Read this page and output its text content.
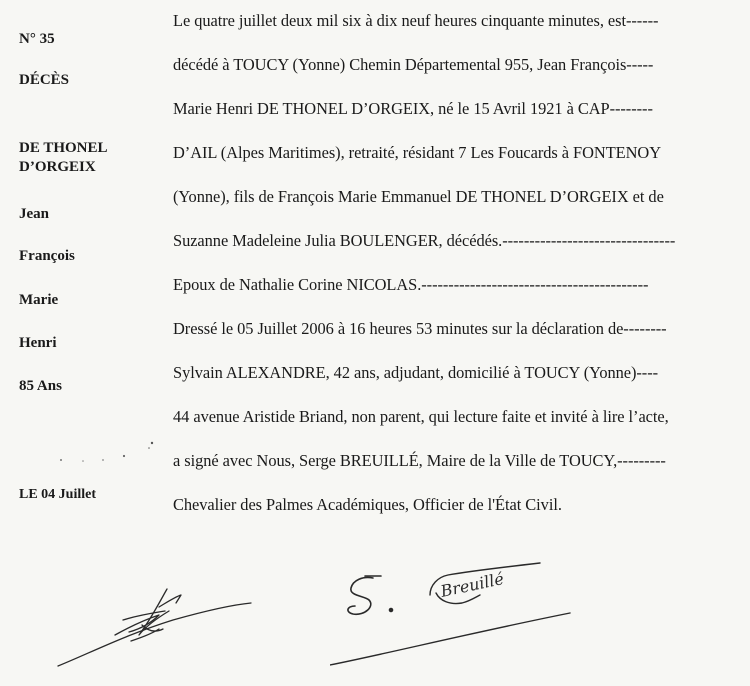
N° 35
DÉCÈS
DE THONEL
D’ORGEIX
Jean
François
Marie
Henri
85 Ans
LE 04 Juillet
Le quatre juillet deux mil six à dix neuf heures cinquante minutes, est------
décédé à TOUCY (Yonne) Chemin Départemental 955, Jean François-----
Marie Henri DE THONEL D’ORGEIX, né le 15 Avril 1921 à CAP--------
D’AIL (Alpes Maritimes), retraité, résidant 7 Les Foucards à FONTENOY
(Yonne), fils de François Marie Emmanuel DE THONEL D’ORGEIX et de
Suzanne Madeleine Julia BOULENGER, décédés.--------------------------------
Epoux de Nathalie Corine NICOLAS.------------------------------------------
Dressé le 05 Juillet 2006 à 16 heures 53 minutes sur la déclaration de--------
Sylvain ALEXANDRE, 42 ans, adjudant, domicilié à TOUCY (Yonne)----
44 avenue Aristide Briand, non parent, qui lecture faite et invité à lire l’acte,
a signé avec Nous, Serge BREUILLÉ, Maire de la Ville de TOUCY,---------
Chevalier des Palmes Académiques, Officier de l'État Civil.
Breuillé
